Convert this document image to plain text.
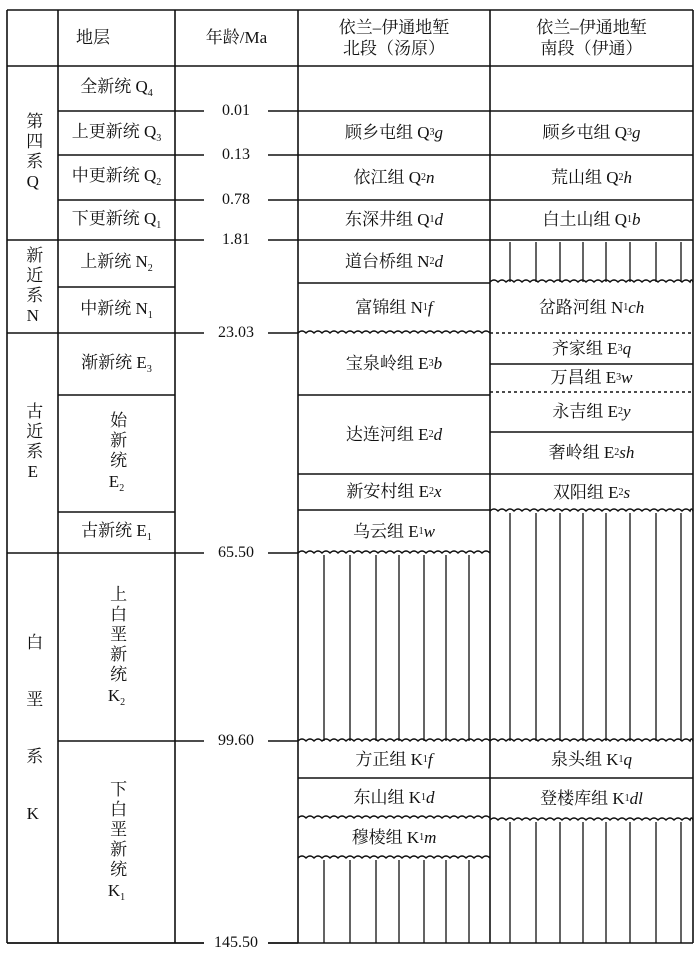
地层	年龄/Ma
依兰–伊通地堑
北段（汤原）
依兰–伊通地堑
南段（伊通）
第四系Q
新近系N
古近系E
白垩系K
全新统 $Q_4$
上更新统 $Q_3$
中更新统 $Q_2$
下更新统 $Q_1$
上新统 $N_2$
中新统 $N_1$
渐新统 $E_3$
始新统
$E_2$
古新统 $E_1$
上白垩新统
$K_2$
下白垩新统
$K_1$
0.01
0.13
0.78
1.81
23.03
65.50
99.60
145.50
顾乡屯组 Q 3 g
依江组 Q 2 n
东深井组 Q 1 d
道台桥组 N 2 d
富锦组 N 1 f
宝泉岭组 E 3 b
达连河组 E 2 d
新安村组 E 2 x
乌云组 E 1 w
方正组 K 1 f
东山组 K 1 d
穆棱组 K 1 m
顾乡屯组 Q 3 g
荒山组 Q 2 h
白土山组 Q 1 b
岔路河组 N 1 ch
齐家组 E 3 q
万昌组 E 3 w
永吉组 E 2 y
奢岭组 E 2 sh
双阳组 E 2 s
泉头组 K 1 q
登楼库组 K 1 dl
